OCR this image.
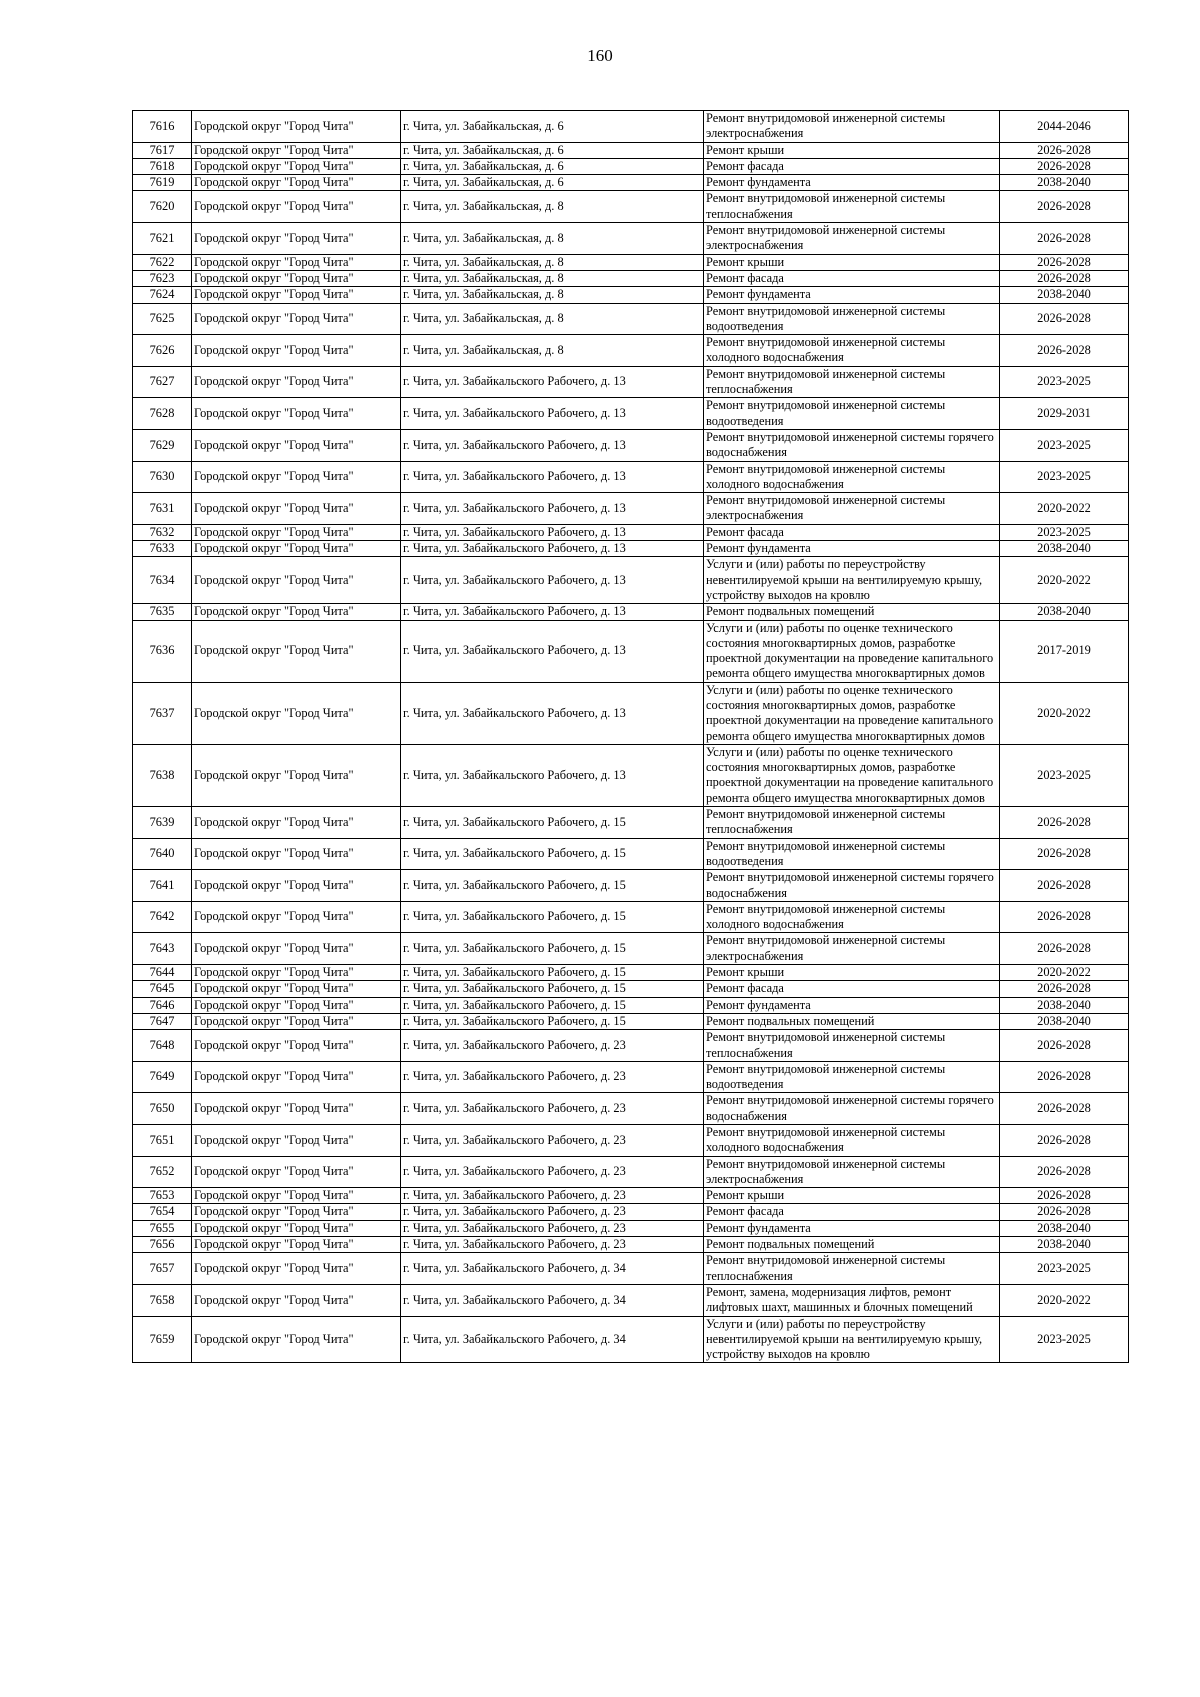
160
7616	Городской округ "Город Чита"	г. Чита, ул. Забайкальская, д. 6	Ремонт внутридомовой инженерной системы электроснабжения	2044-2046
7617	Городской округ "Город Чита"	г. Чита, ул. Забайкальская, д. 6	Ремонт крыши	2026-2028
7618	Городской округ "Город Чита"	г. Чита, ул. Забайкальская, д. 6	Ремонт фасада	2026-2028
7619	Городской округ "Город Чита"	г. Чита, ул. Забайкальская, д. 6	Ремонт фундамента	2038-2040
7620	Городской округ "Город Чита"	г. Чита, ул. Забайкальская, д. 8	Ремонт внутридомовой инженерной системы теплоснабжения	2026-2028
7621	Городской округ "Город Чита"	г. Чита, ул. Забайкальская, д. 8	Ремонт внутридомовой инженерной системы электроснабжения	2026-2028
7622	Городской округ "Город Чита"	г. Чита, ул. Забайкальская, д. 8	Ремонт крыши	2026-2028
7623	Городской округ "Город Чита"	г. Чита, ул. Забайкальская, д. 8	Ремонт фасада	2026-2028
7624	Городской округ "Город Чита"	г. Чита, ул. Забайкальская, д. 8	Ремонт фундамента	2038-2040
7625	Городской округ "Город Чита"	г. Чита, ул. Забайкальская, д. 8	Ремонт внутридомовой инженерной системы водоотведения	2026-2028
7626	Городской округ "Город Чита"	г. Чита, ул. Забайкальская, д. 8	Ремонт внутридомовой инженерной системы холодного водоснабжения	2026-2028
7627	Городской округ "Город Чита"	г. Чита, ул. Забайкальского Рабочего, д. 13	Ремонт внутридомовой инженерной системы теплоснабжения	2023-2025
7628	Городской округ "Город Чита"	г. Чита, ул. Забайкальского Рабочего, д. 13	Ремонт внутридомовой инженерной системы водоотведения	2029-2031
7629	Городской округ "Город Чита"	г. Чита, ул. Забайкальского Рабочего, д. 13	Ремонт внутридомовой инженерной системы горячего водоснабжения	2023-2025
7630	Городской округ "Город Чита"	г. Чита, ул. Забайкальского Рабочего, д. 13	Ремонт внутридомовой инженерной системы холодного водоснабжения	2023-2025
7631	Городской округ "Город Чита"	г. Чита, ул. Забайкальского Рабочего, д. 13	Ремонт внутридомовой инженерной системы электроснабжения	2020-2022
7632	Городской округ "Город Чита"	г. Чита, ул. Забайкальского Рабочего, д. 13	Ремонт фасада	2023-2025
7633	Городской округ "Город Чита"	г. Чита, ул. Забайкальского Рабочего, д. 13	Ремонт фундамента	2038-2040
7634	Городской округ "Город Чита"	г. Чита, ул. Забайкальского Рабочего, д. 13	Услуги и (или) работы по переустройству невентилируемой крыши на вентилируемую крышу, устройству выходов на кровлю	2020-2022
7635	Городской округ "Город Чита"	г. Чита, ул. Забайкальского Рабочего, д. 13	Ремонт подвальных помещений	2038-2040
7636	Городской округ "Город Чита"	г. Чита, ул. Забайкальского Рабочего, д. 13	Услуги и (или) работы по оценке технического состояния многоквартирных домов, разработке проектной документации на проведение капитального ремонта общего имущества многоквартирных домов	2017-2019
7637	Городской округ "Город Чита"	г. Чита, ул. Забайкальского Рабочего, д. 13	Услуги и (или) работы по оценке технического состояния многоквартирных домов, разработке проектной документации на проведение капитального ремонта общего имущества многоквартирных домов	2020-2022
7638	Городской округ "Город Чита"	г. Чита, ул. Забайкальского Рабочего, д. 13	Услуги и (или) работы по оценке технического состояния многоквартирных домов, разработке проектной документации на проведение капитального ремонта общего имущества многоквартирных домов	2023-2025
7639	Городской округ "Город Чита"	г. Чита, ул. Забайкальского Рабочего, д. 15	Ремонт внутридомовой инженерной системы теплоснабжения	2026-2028
7640	Городской округ "Город Чита"	г. Чита, ул. Забайкальского Рабочего, д. 15	Ремонт внутридомовой инженерной системы водоотведения	2026-2028
7641	Городской округ "Город Чита"	г. Чита, ул. Забайкальского Рабочего, д. 15	Ремонт внутридомовой инженерной системы горячего водоснабжения	2026-2028
7642	Городской округ "Город Чита"	г. Чита, ул. Забайкальского Рабочего, д. 15	Ремонт внутридомовой инженерной системы холодного водоснабжения	2026-2028
7643	Городской округ "Город Чита"	г. Чита, ул. Забайкальского Рабочего, д. 15	Ремонт внутридомовой инженерной системы электроснабжения	2026-2028
7644	Городской округ "Город Чита"	г. Чита, ул. Забайкальского Рабочего, д. 15	Ремонт крыши	2020-2022
7645	Городской округ "Город Чита"	г. Чита, ул. Забайкальского Рабочего, д. 15	Ремонт фасада	2026-2028
7646	Городской округ "Город Чита"	г. Чита, ул. Забайкальского Рабочего, д. 15	Ремонт фундамента	2038-2040
7647	Городской округ "Город Чита"	г. Чита, ул. Забайкальского Рабочего, д. 15	Ремонт подвальных помещений	2038-2040
7648	Городской округ "Город Чита"	г. Чита, ул. Забайкальского Рабочего, д. 23	Ремонт внутридомовой инженерной системы теплоснабжения	2026-2028
7649	Городской округ "Город Чита"	г. Чита, ул. Забайкальского Рабочего, д. 23	Ремонт внутридомовой инженерной системы водоотведения	2026-2028
7650	Городской округ "Город Чита"	г. Чита, ул. Забайкальского Рабочего, д. 23	Ремонт внутридомовой инженерной системы горячего водоснабжения	2026-2028
7651	Городской округ "Город Чита"	г. Чита, ул. Забайкальского Рабочего, д. 23	Ремонт внутридомовой инженерной системы холодного водоснабжения	2026-2028
7652	Городской округ "Город Чита"	г. Чита, ул. Забайкальского Рабочего, д. 23	Ремонт внутридомовой инженерной системы электроснабжения	2026-2028
7653	Городской округ "Город Чита"	г. Чита, ул. Забайкальского Рабочего, д. 23	Ремонт крыши	2026-2028
7654	Городской округ "Город Чита"	г. Чита, ул. Забайкальского Рабочего, д. 23	Ремонт фасада	2026-2028
7655	Городской округ "Город Чита"	г. Чита, ул. Забайкальского Рабочего, д. 23	Ремонт фундамента	2038-2040
7656	Городской округ "Город Чита"	г. Чита, ул. Забайкальского Рабочего, д. 23	Ремонт подвальных помещений	2038-2040
7657	Городской округ "Город Чита"	г. Чита, ул. Забайкальского Рабочего, д. 34	Ремонт внутридомовой инженерной системы теплоснабжения	2023-2025
7658	Городской округ "Город Чита"	г. Чита, ул. Забайкальского Рабочего, д. 34	Ремонт, замена, модернизация лифтов, ремонт лифтовых шахт, машинных и блочных помещений	2020-2022
7659	Городской округ "Город Чита"	г. Чита, ул. Забайкальского Рабочего, д. 34	Услуги и (или) работы по переустройству невентилируемой крыши на вентилируемую крышу, устройству выходов на кровлю	2023-2025
